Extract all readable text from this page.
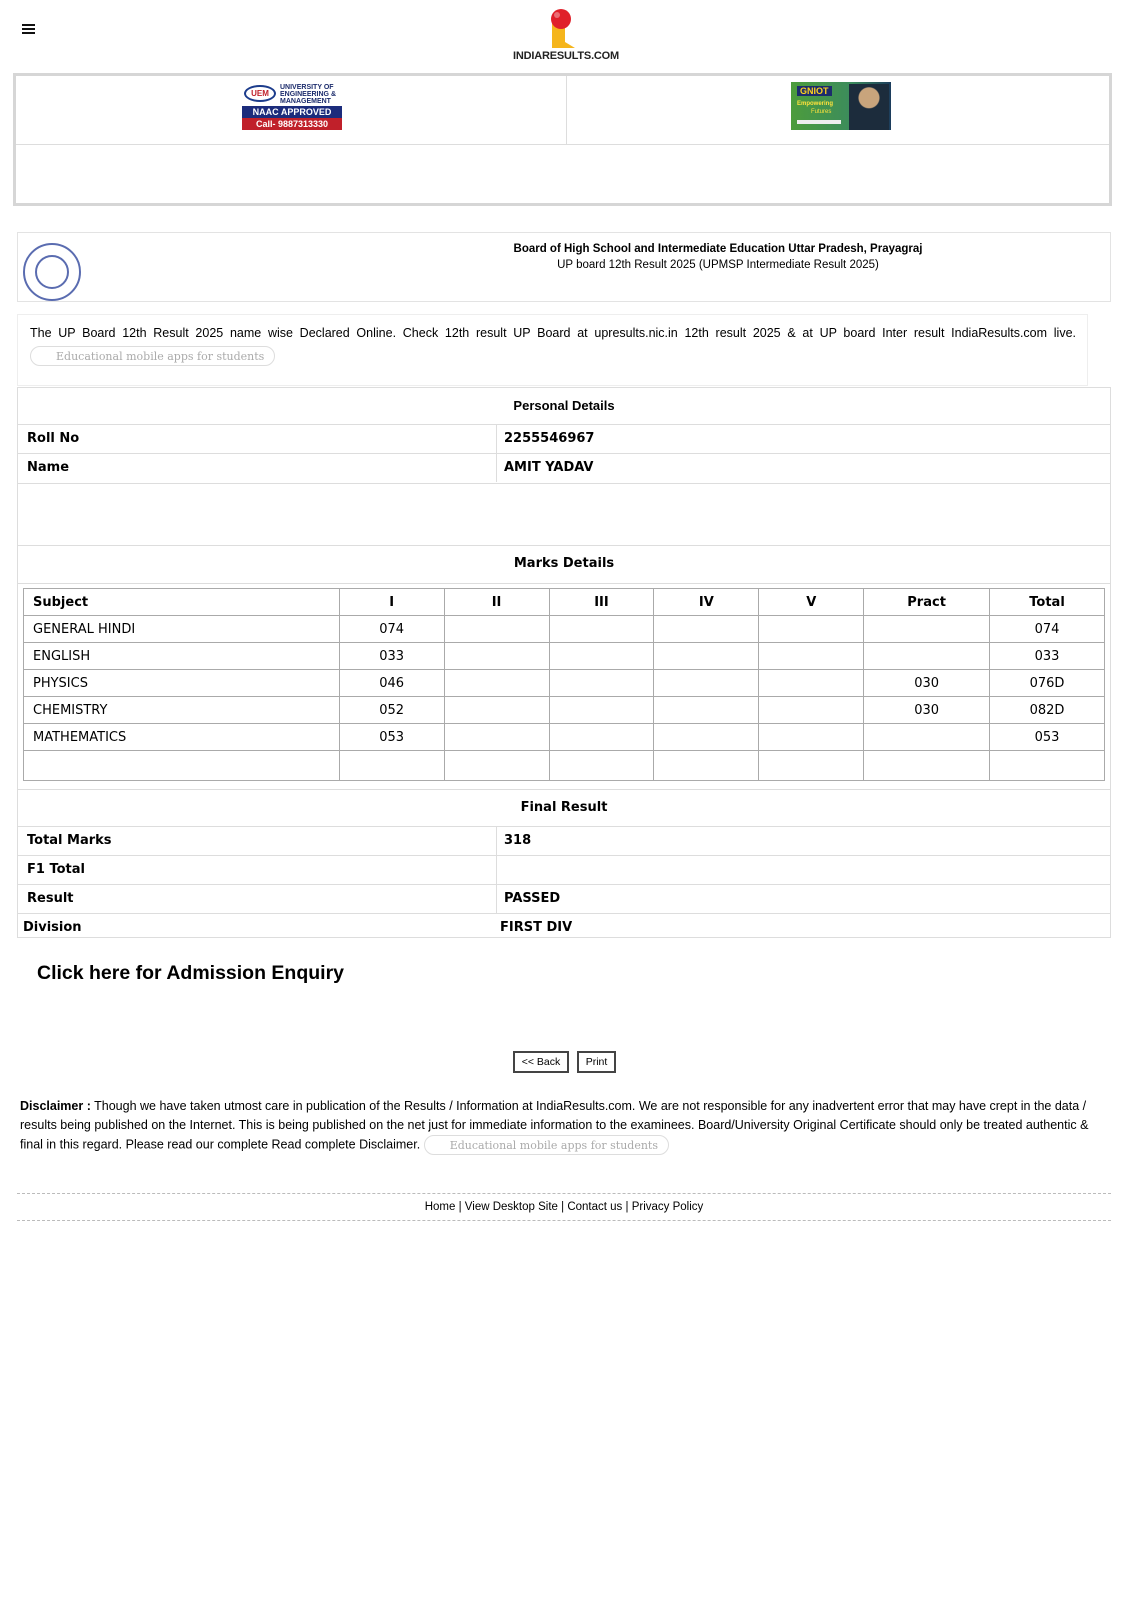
INDIARESULTS.COM
UEM
UNIVERSITY OF
ENGINEERING &
MANAGEMENT
NAAC APPROVED
Call- 9887313330
GNIOT
Empowering
Futures
Board of High School and Intermediate Education Uttar Pradesh, Prayagraj
UP board 12th Result 2025 (UPMSP Intermediate Result 2025)
The UP Board 12th Result 2025 name wise Declared Online. Check 12th result UP Board at upresults.nic.in 12th result 2025 & at UP board Inter result IndiaResults.com live.
Educational mobile apps for students
Personal Details
Roll No	2255546967
Name	AMIT YADAV
Marks Details
Subject	I	II	III	IV	V	Pract	Total
GENERAL HINDI	074						074
ENGLISH	033						033
PHYSICS	046					030	076D
CHEMISTRY	052					030	082D
MATHEMATICS	053						053

Final Result
Total Marks	318
F1 Total
Result	PASSED
Division	FIRST DIV
Click here for Admission Enquiry
<< Back	Print
Disclaimer : Though we have taken utmost care in publication of the Results / Information at IndiaResults.com. We are not responsible for any inadvertent error that may have crept in the data / results being published on the Internet. This is being published on the net just for immediate information to the examinees. Board/University Original Certificate should only be treated authentic & final in this regard. Please read our complete Read complete Disclaimer.	Educational mobile apps for students
Home | View Desktop Site | Contact us | Privacy Policy
